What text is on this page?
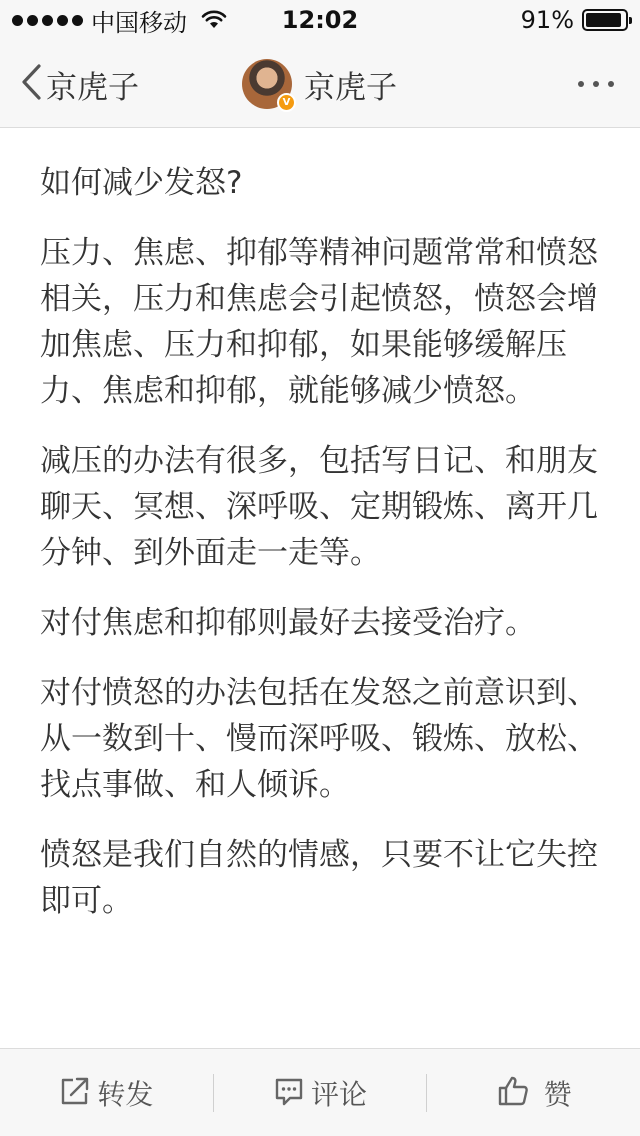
中国移动	12:02	91%
京虎子	V 京虎子

如何减少发怒?

压力、焦虑、抑郁等精神问题常常和愤怒相关，压力和焦虑会引起愤怒，愤怒会增加焦虑、压力和抑郁，如果能够缓解压力、焦虑和抑郁，就能够减少愤怒。

减压的办法有很多，包括写日记、和朋友聊天、冥想、深呼吸、定期锻炼、离开几分钟、到外面走一走等。

对付焦虑和抑郁则最好去接受治疗。

对付愤怒的办法包括在发怒之前意识到、从一数到十、慢而深呼吸、锻炼、放松、找点事做、和人倾诉。

愤怒是我们自然的情感，只要不让它失控即可。

转发	评论	赞
